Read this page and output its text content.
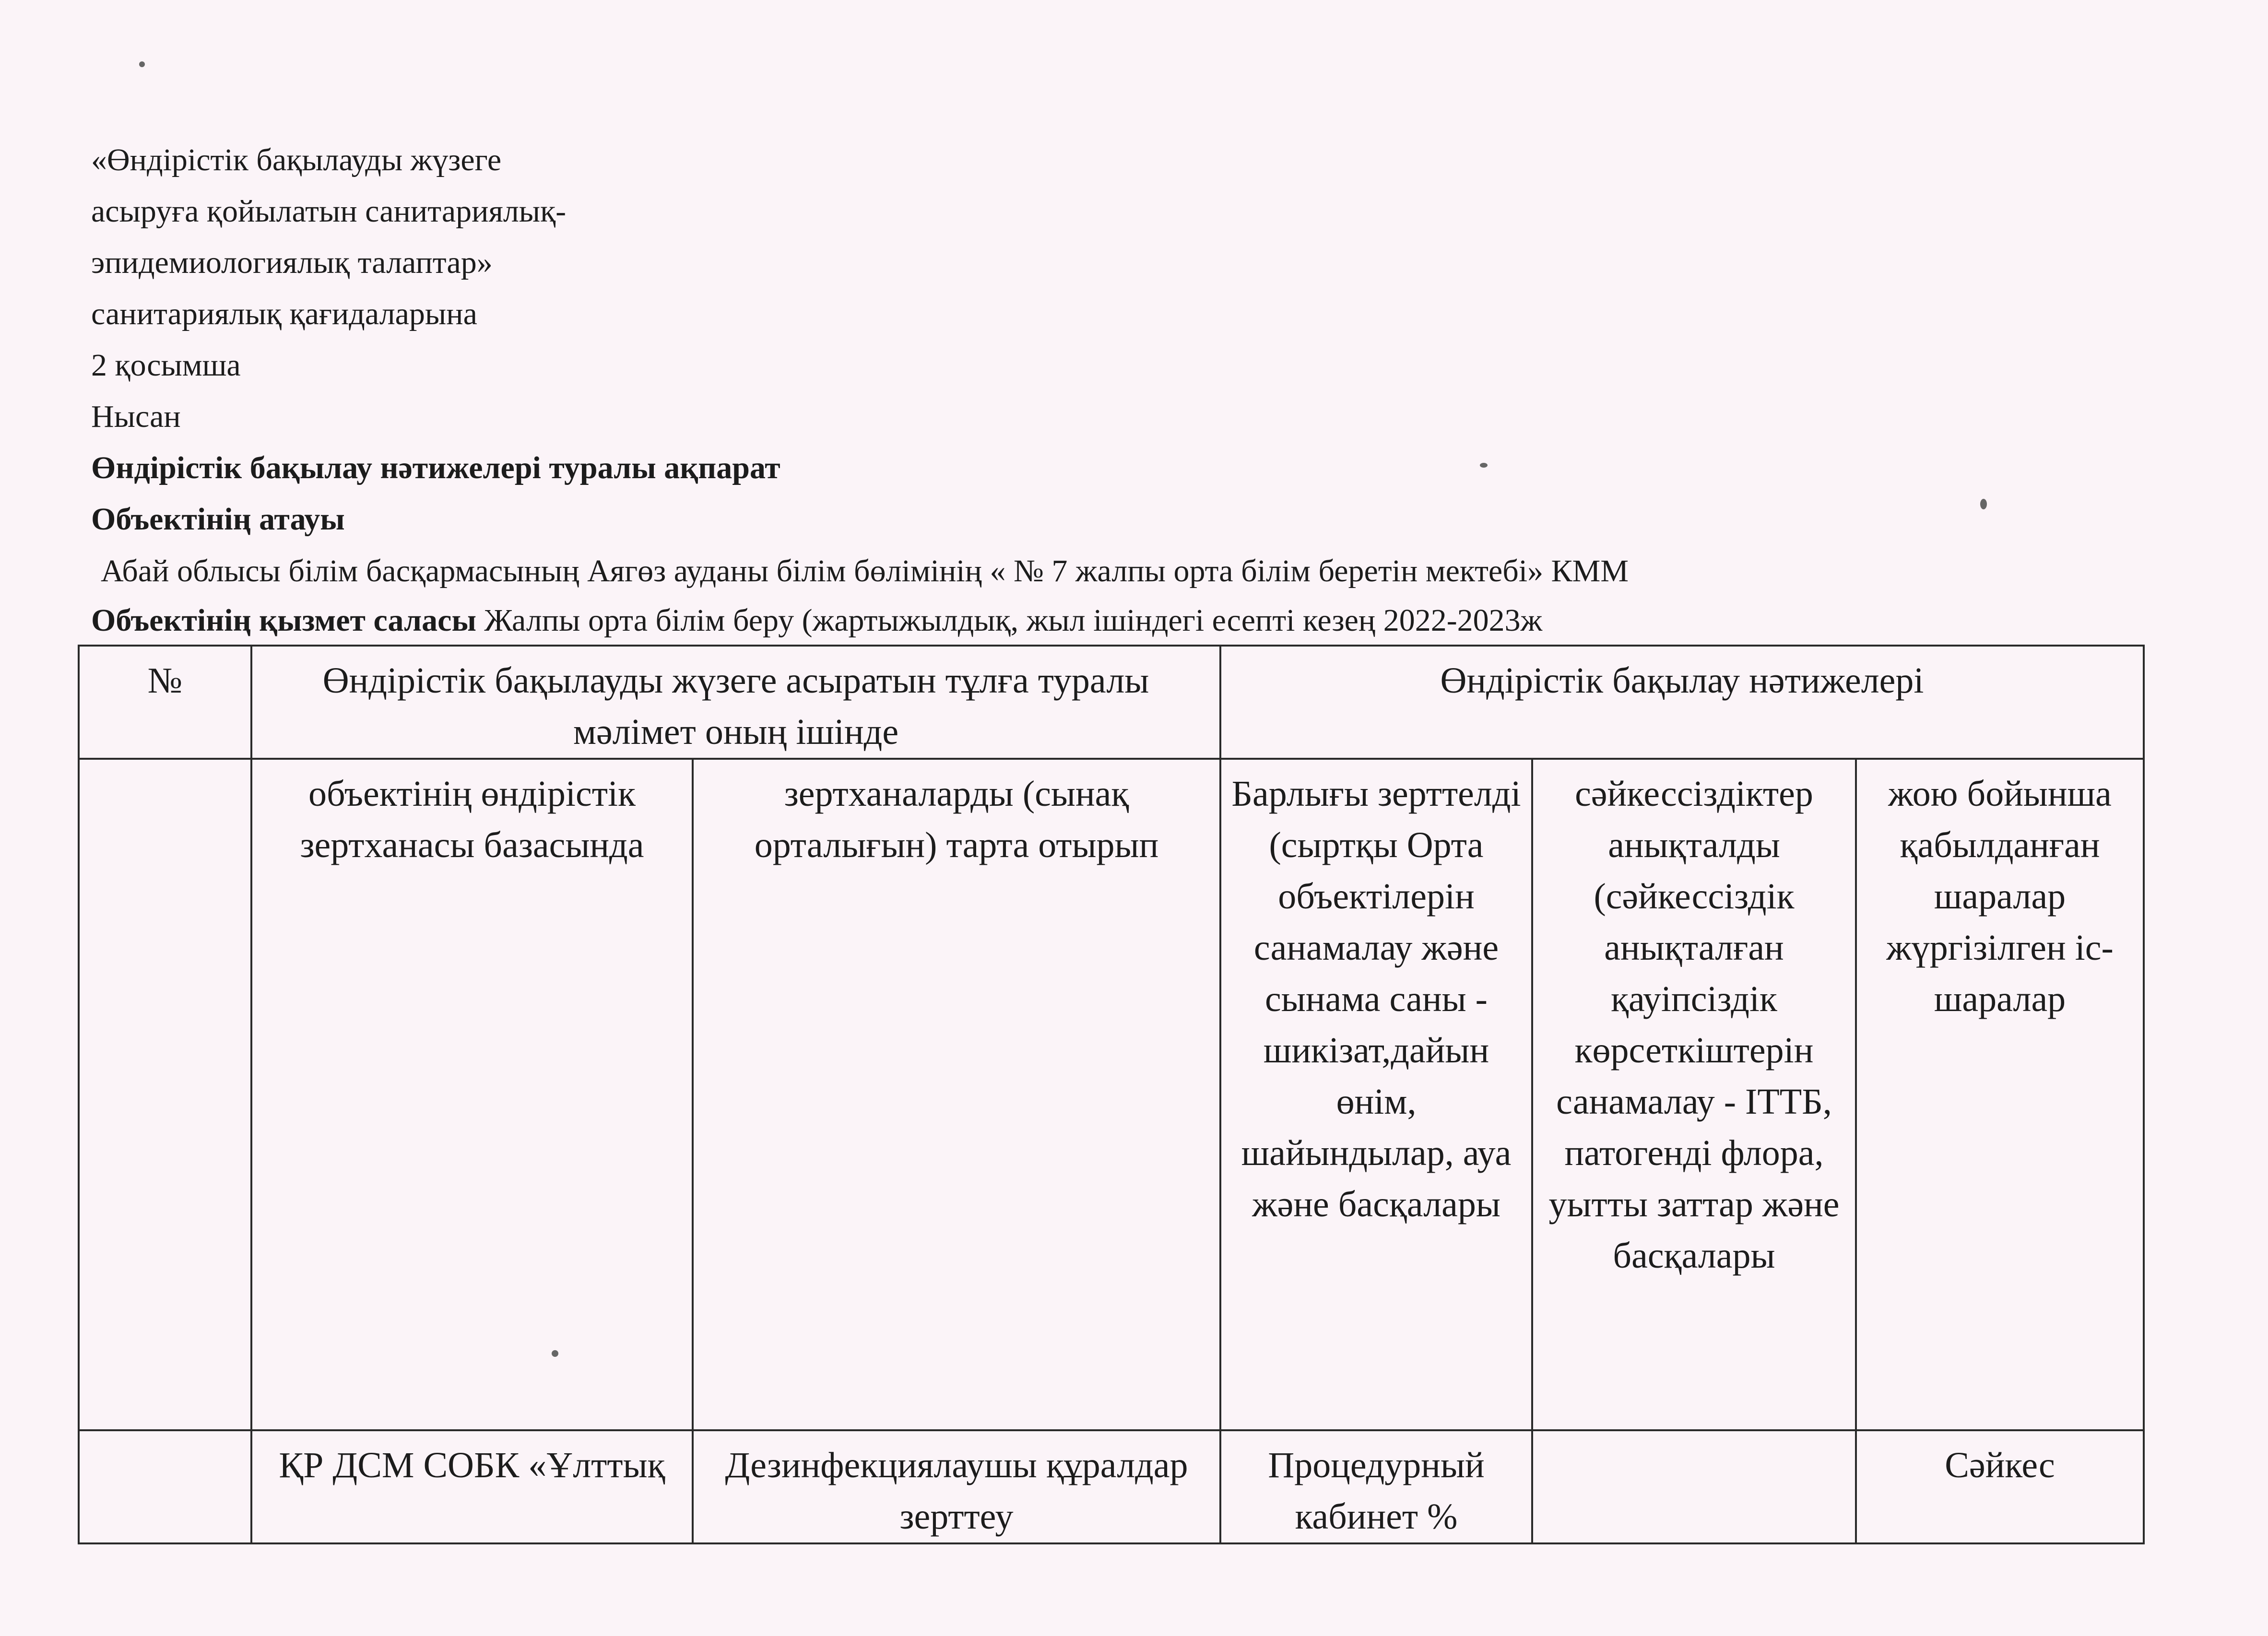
«Өндірістік бақылауды жүзеге
асыруға қойылатын санитариялық-
эпидемиологиялық талаптар»
санитариялық қағидаларына
2 қосымша
Нысан
Өндірістік бақылау нәтижелері туралы ақпарат
Объектінің атауы
Абай облысы білім басқармасының Аягөз ауданы білім бөлімінің « № 7 жалпы орта білім беретін мектебі» КММ
Объектінің қызмет саласы Жалпы орта білім беру (жартыжылдық, жыл ішіндегі есепті кезең 2022-2023ж
№	Өндірістік бақылауды жүзеге асыратын тұлға туралы мәлімет оның ішінде		Өндірістік бақылау нәтижелері		
	объектінің өндірістік зертханасы базасында	зертханаларды (сынақ орталығын) тарта отырып	Барлығы зерттелді (сыртқы Орта объектілерін санамалау және сынама саны - шикізат,дайын өнім, шайындылар, ауа және басқалары	сәйкессіздіктер анықталды (сәйкессіздік анықталған қауіпсіздік көрсеткіштерін санамалау - ІТТБ, патогенді флора, уытты заттар және басқалары	жою бойынша қабылданған шаралар жүргізілген іс-шаралар
	ҚР ДСМ СОБК «Ұлттық	Дезинфекциялаушы құралдар зерттеу	Процедурный кабинет %		Сәйкес
